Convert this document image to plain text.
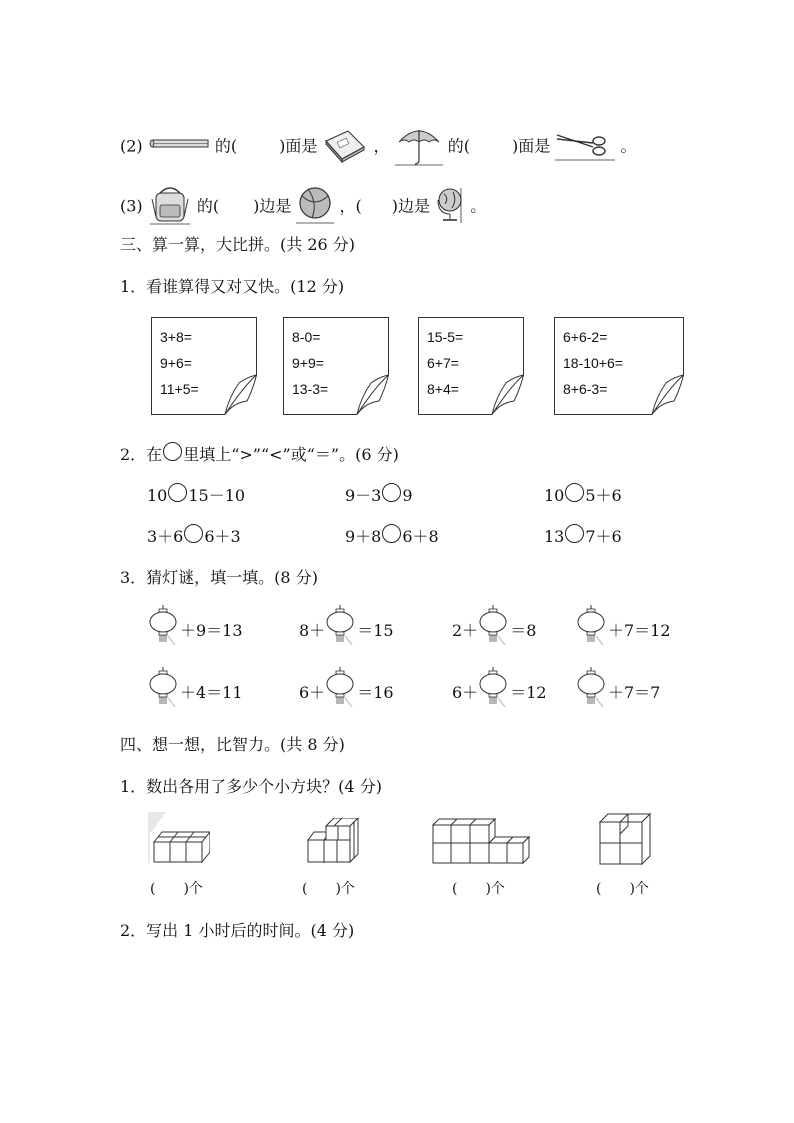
(2)	的(	)面是	，	的(	)面是	。
(3)	的( )边是	，( )边是	。
三、算一算，大比拼。(共 26 分)
1．看谁算得又对又快。(12 分)
3+8=
9+6=
11+5=
8-0=
9+9=
13-3=
15-5=
6+7=
8+4=
6+6-2=
18-10+6=
8+6-3=
2．在 里填上“>”“<”或“＝”。(6 分)
10 15－10	9－3 9	10 5＋6
3＋6 6＋3	9＋8 6＋8	13 7＋6
3．猜灯谜，填一填。(8 分)
＋9＝13	8＋ ＝15	2＋ ＝8	＋7＝12
＋4＝11	6＋ ＝16	6＋ ＝12	＋7＝7
四、想一想，比智力。(共 8 分)
1．数出各用了多少个小方块？(4 分)
(　　)个	(　　)个	(　　)个	(　　)个
2．写出 1 小时后的时间。(4 分)
